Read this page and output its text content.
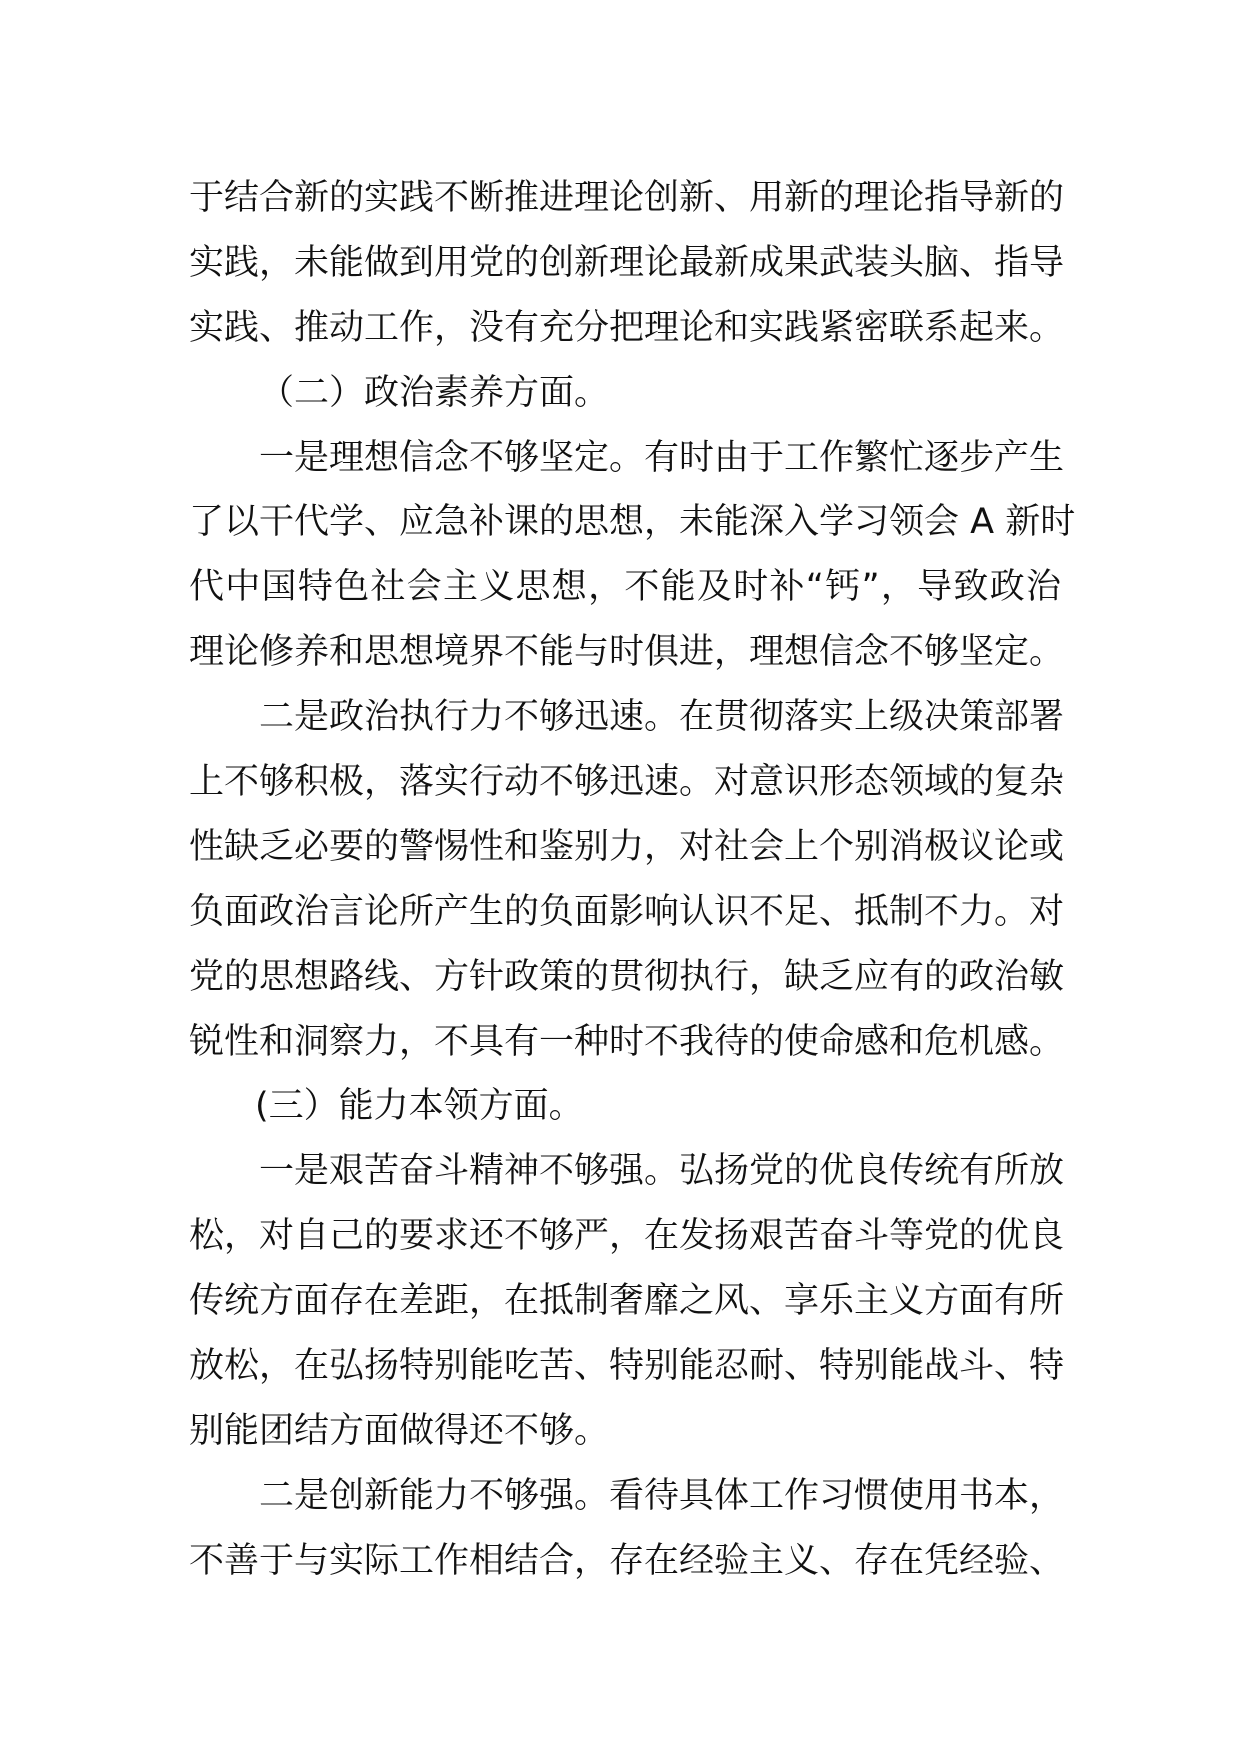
于结合新的实践不断推进理论创新、用新的理论指导新的
实践，未能做到用党的创新理论最新成果武装头脑、指导
实践、推动工作，没有充分把理论和实践紧密联系起来。
（二）政治素养方面。
一是理想信念不够坚定。有时由于工作繁忙逐步产生
了以干代学、应急补课的思想，未能深入学习领会 A 新时
代中国特色社会主义思想，不能及时补“钙”，导致政治
理论修养和思想境界不能与时俱进，理想信念不够坚定。
二是政治执行力不够迅速。在贯彻落实上级决策部署
上不够积极，落实行动不够迅速。对意识形态领域的复杂
性缺乏必要的警惕性和鉴别力，对社会上个别消极议论或
负面政治言论所产生的负面影响认识不足、抵制不力。对
党的思想路线、方针政策的贯彻执行，缺乏应有的政治敏
锐性和洞察力，不具有一种时不我待的使命感和危机感。
(三）能力本领方面。
一是艰苦奋斗精神不够强。弘扬党的优良传统有所放
松，对自己的要求还不够严，在发扬艰苦奋斗等党的优良
传统方面存在差距，在抵制奢靡之风、享乐主义方面有所
放松，在弘扬特别能吃苦、特别能忍耐、特别能战斗、特
别能团结方面做得还不够。
二是创新能力不够强。看待具体工作习惯使用书本，
不善于与实际工作相结合，存在经验主义、存在凭经验、
